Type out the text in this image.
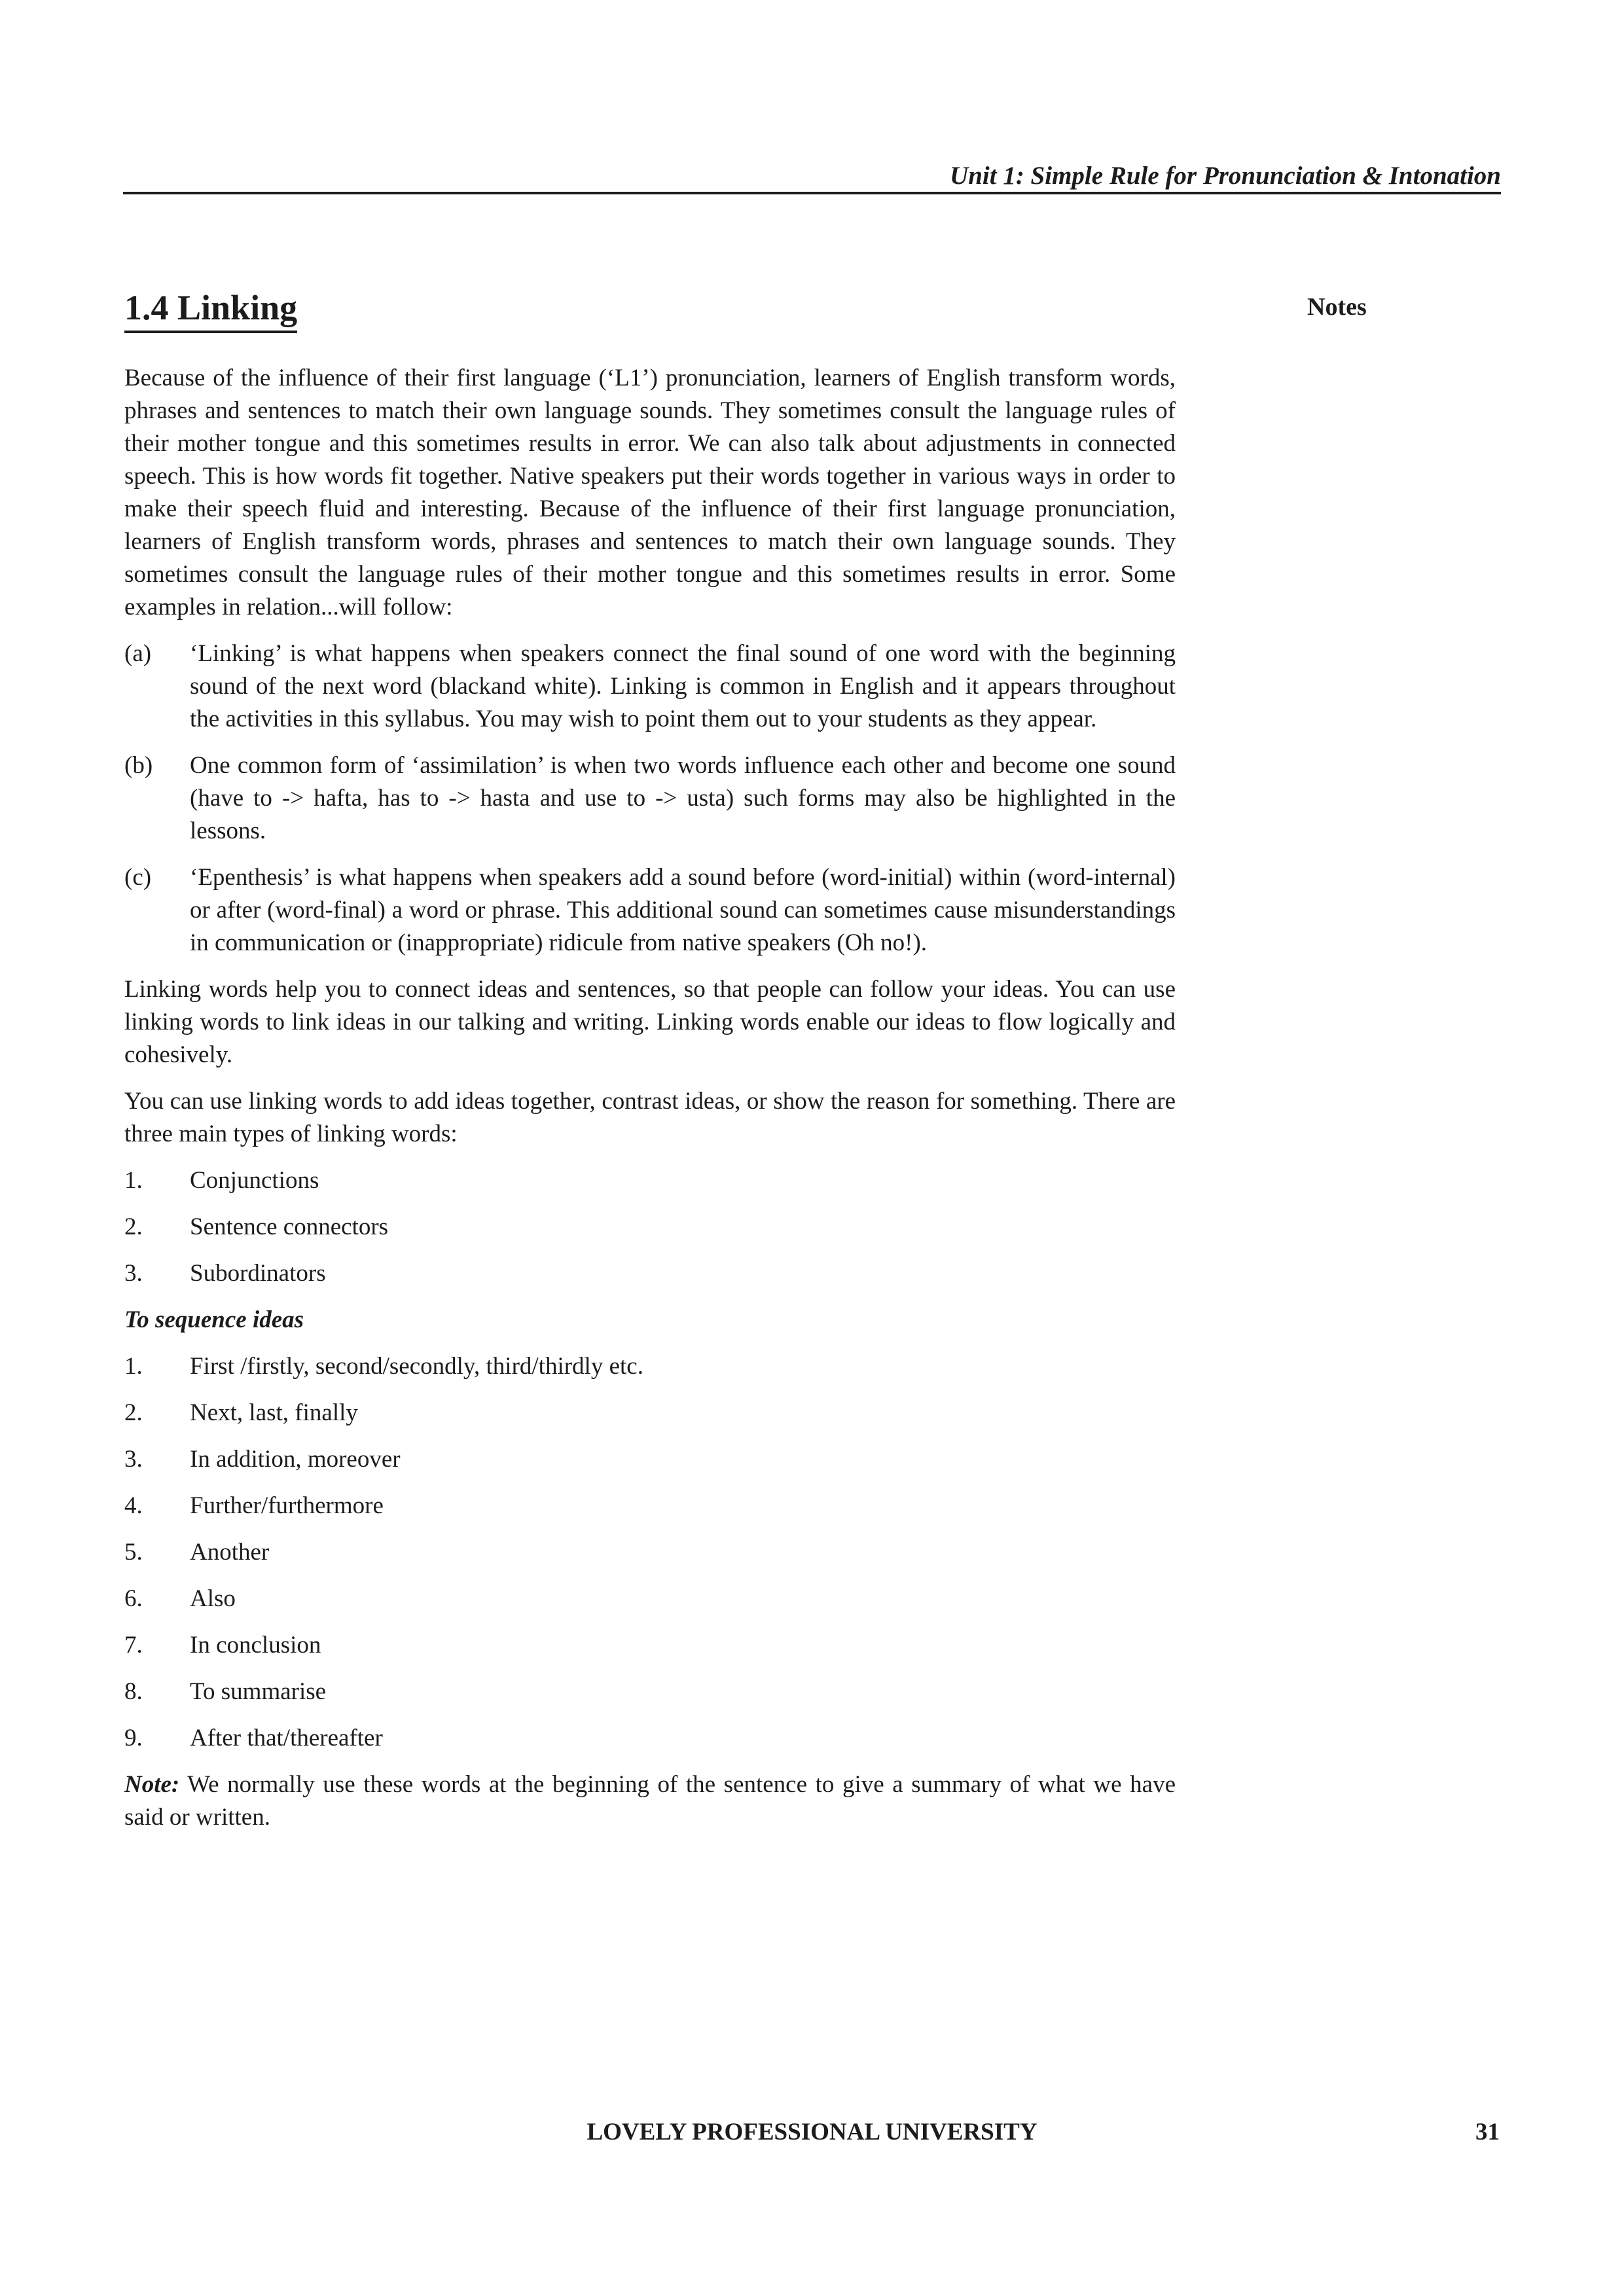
Unit 1: Simple Rule for Pronunciation & Intonation
Notes
1.4 Linking

Because of the influence of their first language (‘L1’) pronunciation, learners of English transform words, phrases and sentences to match their own language sounds. They sometimes consult the language rules of their mother tongue and this sometimes results in error. We can also talk about adjustments in connected speech. This is how words fit together. Native speakers put their words together in various ways in order to make their speech fluid and interesting. Because of the influence of their first language pronunciation, learners of English transform words, phrases and sentences to match their own language sounds. They sometimes consult the language rules of their mother tongue and this sometimes results in error. Some examples in relation...will follow:

(a)	‘Linking’ is what happens when speakers connect the final sound of one word with the beginning sound of the next word (blackand white). Linking is common in English and it appears throughout the activities in this syllabus. You may wish to point them out to your students as they appear.
(b)	One common form of ‘assimilation’ is when two words influence each other and become one sound (have to -> hafta, has to -> hasta and use to -> usta) such forms may also be highlighted in the lessons.
(c)	‘Epenthesis’ is what happens when speakers add a sound before (word-initial) within (word-internal) or after (word-final) a word or phrase. This additional sound can sometimes cause misunderstandings in communication or (inappropriate) ridicule from native speakers (Oh no!).

Linking words help you to connect ideas and sentences, so that people can follow your ideas. You can use linking words to link ideas in our talking and writing. Linking words enable our ideas to flow logically and cohesively.

You can use linking words to add ideas together, contrast ideas, or show the reason for something. There are three main types of linking words:

1.	Conjunctions
2.	Sentence connectors
3.	Subordinators
To sequence ideas
1.	First /firstly, second/secondly, third/thirdly etc.
2.	Next, last, finally
3.	In addition, moreover
4.	Further/furthermore
5.	Another
6.	Also
7.	In conclusion
8.	To summarise
9.	After that/thereafter

Note: We normally use these words at the beginning of the sentence to give a summary of what we have said or written.

LOVELY PROFESSIONAL UNIVERSITY	31
